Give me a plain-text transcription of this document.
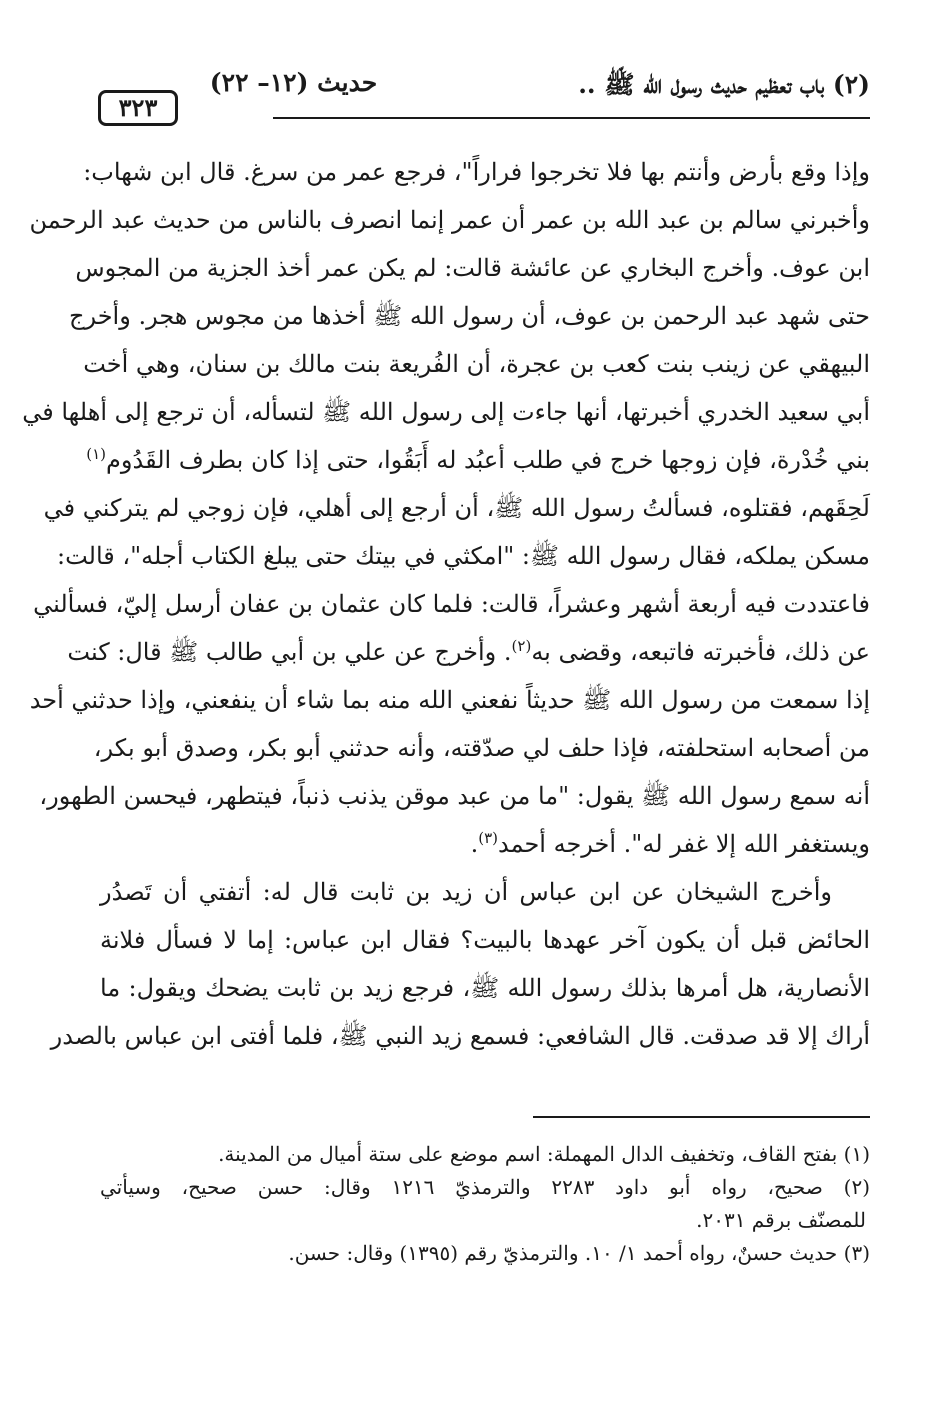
٣٢٣
حديث (١٢– ٢٢)	(٢) باب تعظيم حديث رسول الله ﷺ ..
وإذا وقع بأرض وأنتم بها فلا تخرجوا فراراً"، فرجع عمر من سرغ. قال ابن شهاب:
وأخبرني سالم بن عبد الله بن عمر أن عمر إنما انصرف بالناس من حديث عبد الرحمن
ابن عوف. وأخرج البخاري عن عائشة قالت: لم يكن عمر أخذ الجزية من المجوس
حتى شهد عبد الرحمن بن عوف، أن رسول الله ﷺ أخذها من مجوس هجر. وأخرج
البيهقي عن زينب بنت كعب بن عجرة، أن الفُريعة بنت مالك بن سنان، وهي أخت
أبي سعيد الخدري أخبرتها، أنها جاءت إلى رسول الله ﷺ لتسأله، أن ترجع إلى أهلها في
بني خُدْرة، فإن زوجها خرج في طلب أعبُد له أَبَقُوا، حتى إذا كان بطرف القَدُوم$^{(١)}$
لَحِقَهم، فقتلوه، فسألتُ رسول الله ﷺ، أن أرجع إلى أهلي، فإن زوجي لم يتركني في
مسكن يملكه، فقال رسول الله ﷺ: "امكثي في بيتك حتى يبلغ الكتاب أجله"، قالت:
فاعتددت فيه أربعة أشهر وعشراً، قالت: فلما كان عثمان بن عفان أرسل إليّ، فسألني
عن ذلك، فأخبرته فاتبعه، وقضى به$^{(٢)}$. وأخرج عن علي بن أبي طالب ﷺ قال: كنت
إذا سمعت من رسول الله ﷺ حديثاً نفعني الله منه بما شاء أن ينفعني، وإذا حدثني أحد
من أصحابه استحلفته، فإذا حلف لي صدّقته، وأنه حدثني أبو بكر، وصدق أبو بكر،
أنه سمع رسول الله ﷺ يقول: "ما من عبد موقن يذنب ذنباً، فيتطهر، فيحسن الطهور،
ويستغفر الله إلا غفر له". أخرجه أحمد$^{(٣)}$.
وأخرج الشيخان عن ابن عباس أن زيد بن ثابت قال له: أتفتي أن تَصدُر
الحائض قبل أن يكون آخر عهدها بالبيت؟ فقال ابن عباس: إما لا فسأل فلانة
الأنصارية، هل أمرها بذلك رسول الله ﷺ، فرجع زيد بن ثابت يضحك ويقول: ما
أراك إلا قد صدقت. قال الشافعي: فسمع زيد النبي ﷺ، فلما أفتى ابن عباس بالصدر
(١) بفتح القاف، وتخفيف الدال المهملة: اسم موضع على ستة أميال من المدينة.
(٢) صحيح، رواه أبو داود ٢٢٨٣ والترمذيّ ١٢١٦ وقال: حسن صحيح، وسيأتي
للمصنّف برقم ٢٠٣١.
(٣) حديث حسنٌ، رواه أحمد ١/ ١٠. والترمذيّ رقم (١٣٩٥) وقال: حسن.
